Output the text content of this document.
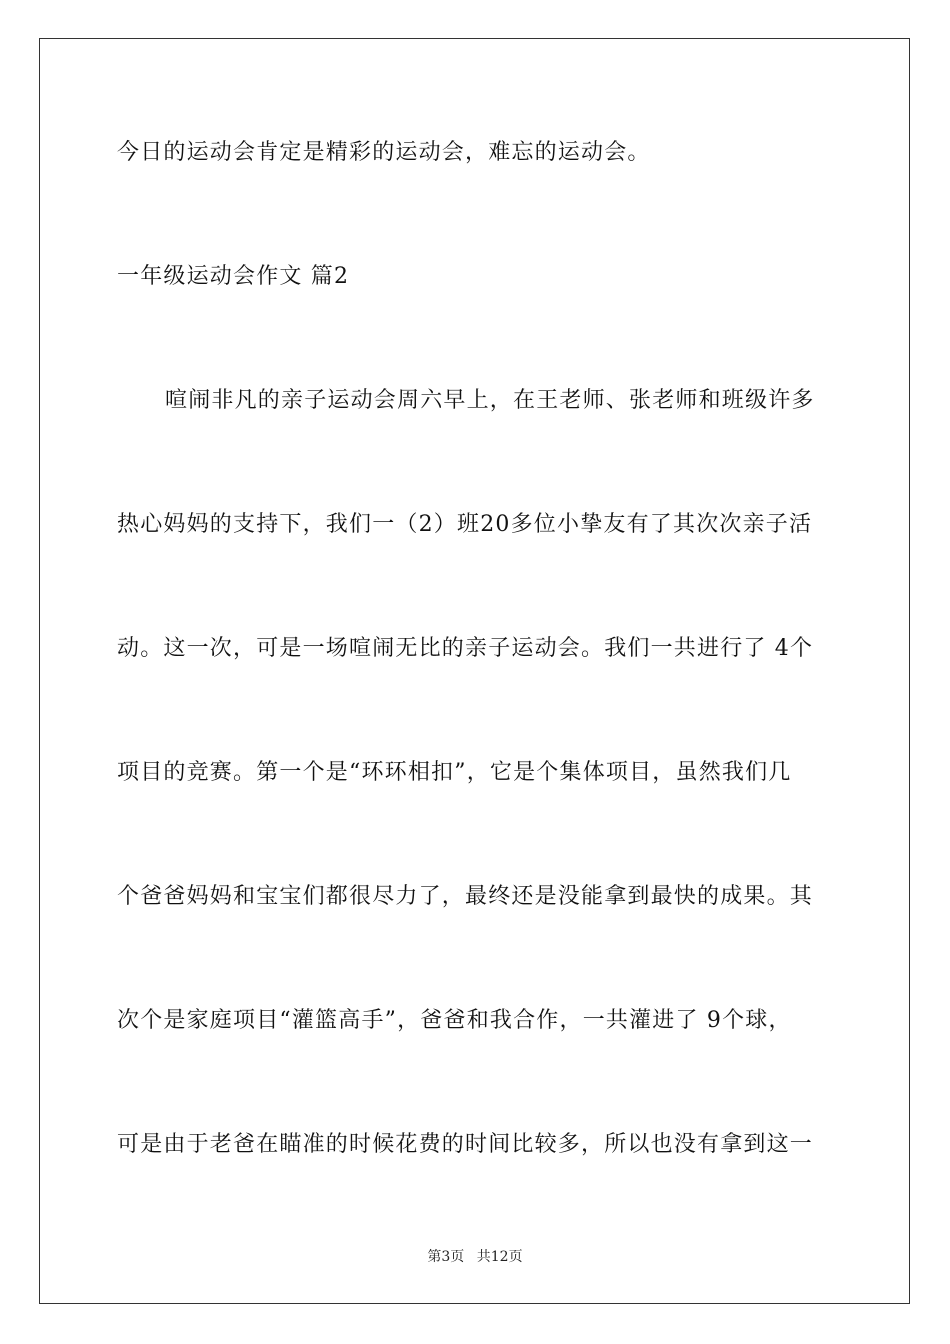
今日的运动会肯定是精彩的运动会，难忘的运动会。
一年级运动会作文 篇2
喧闹非凡的亲子运动会周六早上，在王老师、张老师和班级许多
热心妈妈的支持下，我们一（2）班20多位小挚友有了其次次亲子活
动。这一次，可是一场喧闹无比的亲子运动会。我们一共进行了 4个
项目的竞赛。第一个是“环环相扣”，它是个集体项目，虽然我们几
个爸爸妈妈和宝宝们都很尽力了，最终还是没能拿到最快的成果。其
次个是家庭项目“灌篮高手”，爸爸和我合作，一共灌进了 9个球，
可是由于老爸在瞄准的时候花费的时间比较多，所以也没有拿到这一
第3页 共12页
